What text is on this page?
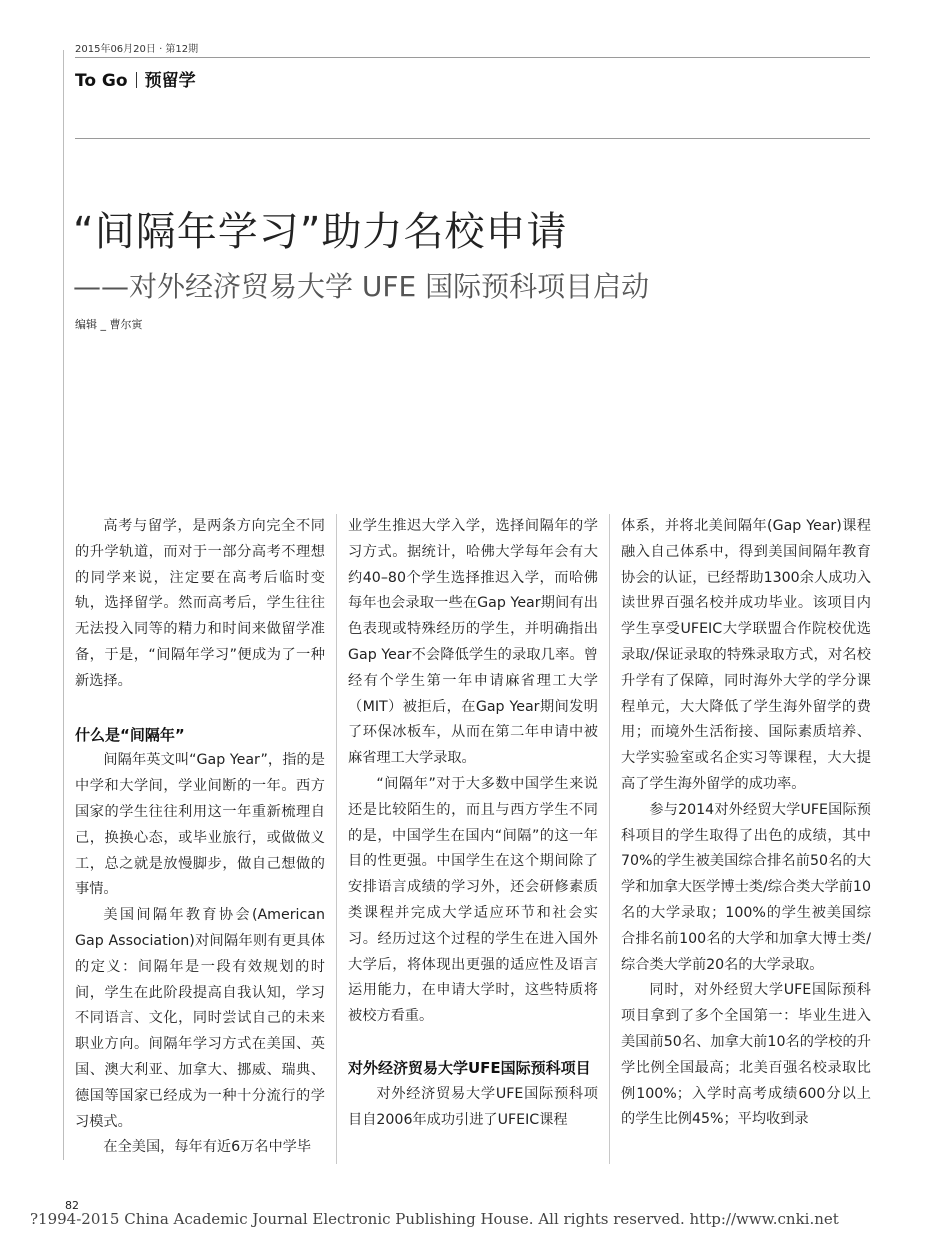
2015年06月20日 · 第12期
To Go 预留学
“间隔年学习”助力名校申请
——对外经济贸易大学 UFE 国际预科项目启动
编辑 _ 曹尔寅

高考与留学，是两条方向完全不同的升学轨道，而对于一部分高考不理想的同学来说，注定要在高考后临时变轨，选择留学。然而高考后，学生往往无法投入同等的精力和时间来做留学准备，于是，“间隔年学习”便成为了一种新选择。

什么是“间隔年”

间隔年英文叫“Gap Year”，指的是中学和大学间，学业间断的一年。西方国家的学生往往利用这一年重新梳理自己，换换心态，或毕业旅行，或做做义工，总之就是放慢脚步，做自己想做的事情。

美国间隔年教育协会(American Gap Association)对间隔年则有更具体的定义：间隔年是一段有效规划的时间，学生在此阶段提高自我认知，学习不同语言、文化，同时尝试自己的未来职业方向。间隔年学习方式在美国、英国、澳大利亚、加拿大、挪威、瑞典、德国等国家已经成为一种十分流行的学习模式。

在全美国，每年有近6万名中学毕

业学生推迟大学入学，选择间隔年的学习方式。据统计，哈佛大学每年会有大约40–80个学生选择推迟入学，而哈佛每年也会录取一些在Gap Year期间有出色表现或特殊经历的学生，并明确指出Gap Year不会降低学生的录取几率。曾经有个学生第一年申请麻省理工大学（MIT）被拒后，在Gap Year期间发明了环保冰板车，从而在第二年申请中被麻省理工大学录取。

“间隔年”对于大多数中国学生来说还是比较陌生的，而且与西方学生不同的是，中国学生在国内“间隔”的这一年目的性更强。中国学生在这个期间除了安排语言成绩的学习外，还会研修素质类课程并完成大学适应环节和社会实习。经历过这个过程的学生在进入国外大学后，将体现出更强的适应性及语言运用能力，在申请大学时，这些特质将被校方看重。

对外经济贸易大学UFE国际预科项目

对外经济贸易大学UFE国际预科项目自2006年成功引进了UFEIC课程

体系，并将北美间隔年(Gap Year)课程融入自己体系中，得到美国间隔年教育协会的认证，已经帮助1300余人成功入读世界百强名校并成功毕业。该项目内学生享受UFEIC大学联盟合作院校优选录取/保证录取的特殊录取方式，对名校升学有了保障，同时海外大学的学分课程单元，大大降低了学生海外留学的费用；而境外生活衔接、国际素质培养、大学实验室或名企实习等课程，大大提高了学生海外留学的成功率。

参与2014对外经贸大学UFE国际预科项目的学生取得了出色的成绩，其中70%的学生被美国综合排名前50名的大学和加拿大医学博士类/综合类大学前10名的大学录取；100%的学生被美国综合排名前100名的大学和加拿大博士类/综合类大学前20名的大学录取。

同时，对外经贸大学UFE国际预科项目拿到了多个全国第一：毕业生进入美国前50名、加拿大前10名的学校的升学比例全国最高；北美百强名校录取比例100%；入学时高考成绩600分以上的学生比例45%；平均收到录

82
?1994-2015 China Academic Journal Electronic Publishing House. All rights reserved. http://www.cnki.net
